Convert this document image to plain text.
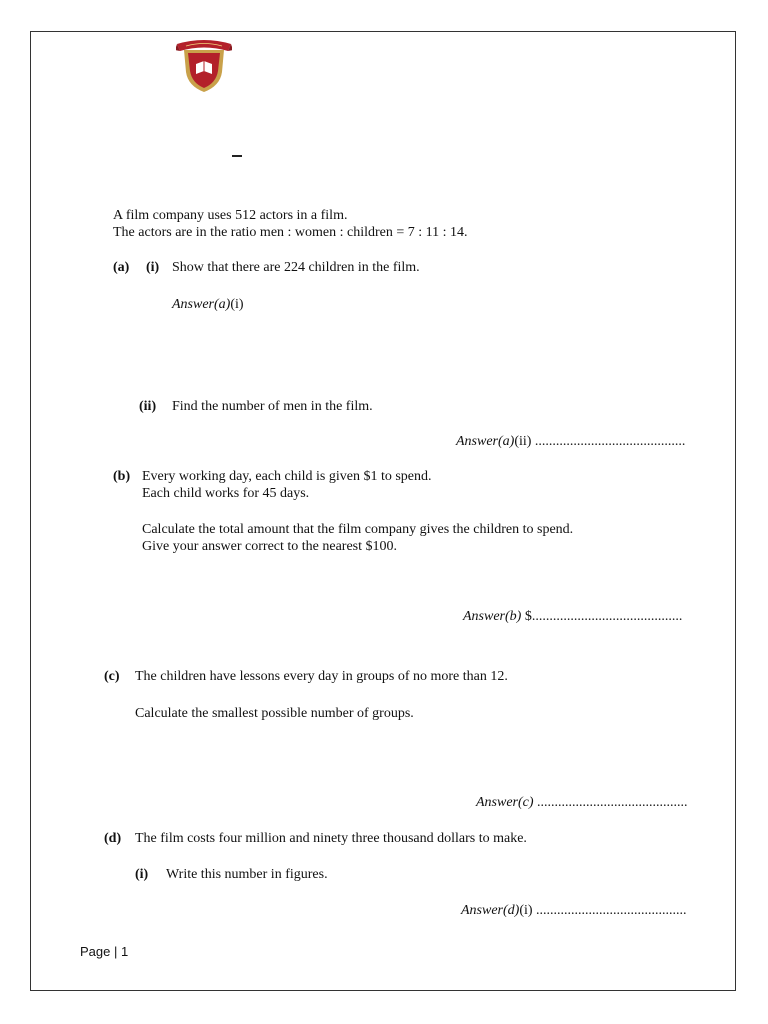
A film company uses 512 actors in a film.
The actors are in the ratio men : women : children = 7 : 11 : 14.
(a) (i) Show that there are 224 children in the film.
Answer(a)(i)
(ii) Find the number of men in the film.
Answer(a)(ii) ...........................................
(b) Every working day, each child is given $1 to spend.
Each child works for 45 days.
Calculate the total amount that the film company gives the children to spend.
Give your answer correct to the nearest $100.
Answer(b) $...........................................
(c) The children have lessons every day in groups of no more than 12.
Calculate the smallest possible number of groups.
Answer(c) ...........................................
(d) The film costs four million and ninety three thousand dollars to make.
(i) Write this number in figures.
Answer(d)(i) ...........................................
Page | 1
